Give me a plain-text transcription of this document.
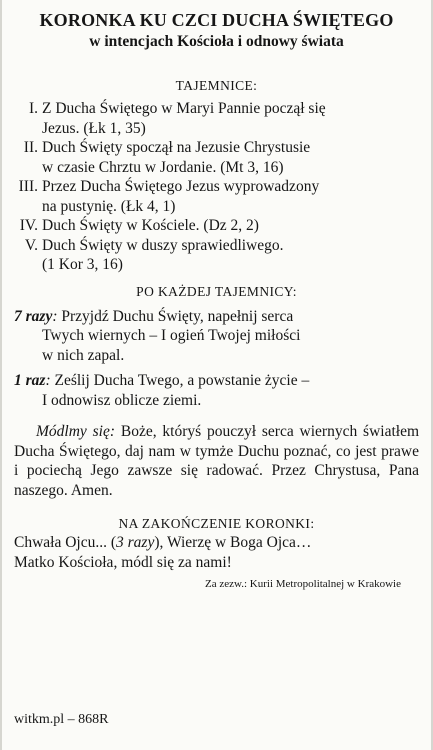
KORONKA KU CZCI DUCHA ŚWIĘTEGO
w intencjach Kościoła i odnowy świata
TAJEMNICE:
I. Z Ducha Świętego w Maryi Pannie począł się
Jezus. (Łk 1, 35)
II. Duch Święty spoczął na Jezusie Chrystusie
w czasie Chrztu w Jordanie. (Mt 3, 16)
III. Przez Ducha Świętego Jezus wyprowadzony
na pustynię. (Łk 4, 1)
IV. Duch Święty w Kościele. (Dz 2, 2)
V. Duch Święty w duszy sprawiedliwego.
(1 Kor 3, 16)
PO KAŻDEJ TAJEMNICY:

7 razy: Przyjdź Duchu Święty, napełnij serca
Twych wiernych – I ogień Twojej miłości
w nich zapal.

1 raz: Ześlij Ducha Twego, a powstanie życie –
I odnowisz oblicze ziemi.

Módlmy się: Boże, któryś pouczył serca wiernych światłem Ducha Świętego, daj nam w tymże Duchu poznać, co jest prawe i pociechą Jego zawsze się radować. Przez Chrystusa, Pana naszego. Amen.

NA ZAKOŃCZENIE KORONKI:

Chwała Ojcu... (3 razy), Wierzę w Boga Ojca…

Matko Kościoła, módl się za nami!

Za zezw.: Kurii Metropolitalnej w Krakowie

witkm.pl – 868R
